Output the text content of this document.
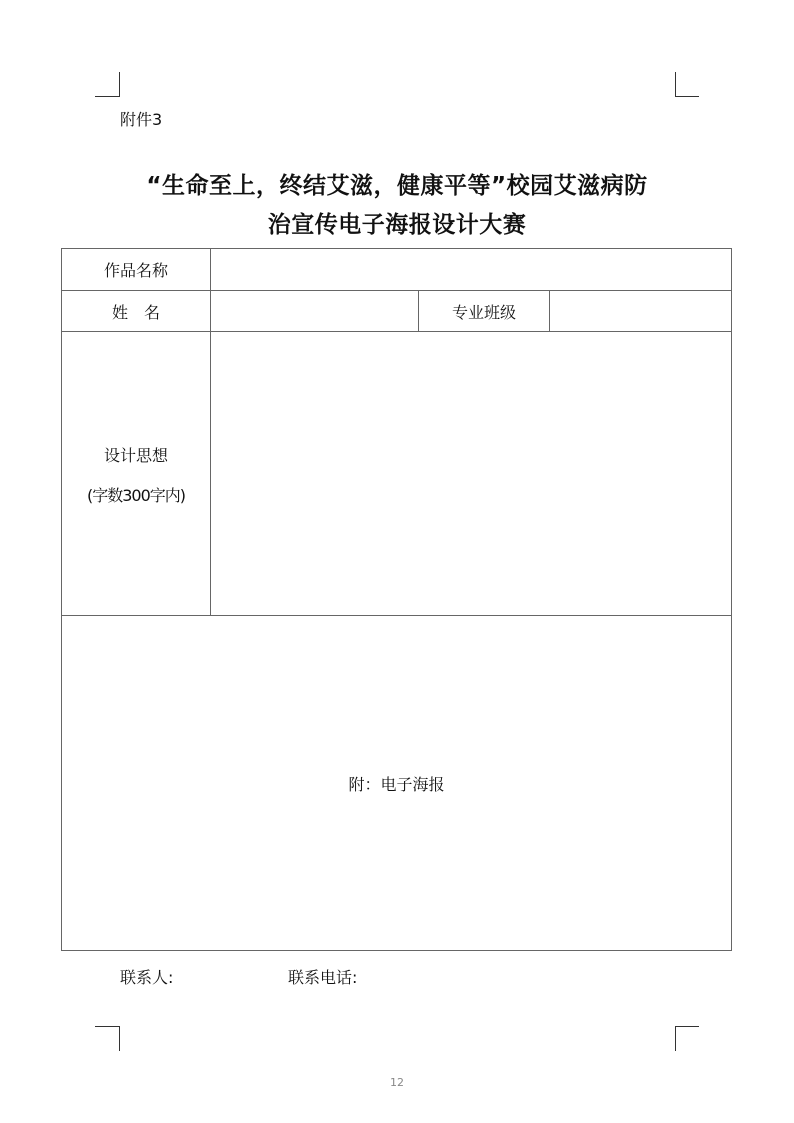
附件3
“生命至上，终结艾滋，健康平等”校园艾滋病防
治宣传电子海报设计大赛
作品名称
姓　名	专业班级
设计思想
(字数300字内)
附：电子海报
联系人:	联系电话:
12
